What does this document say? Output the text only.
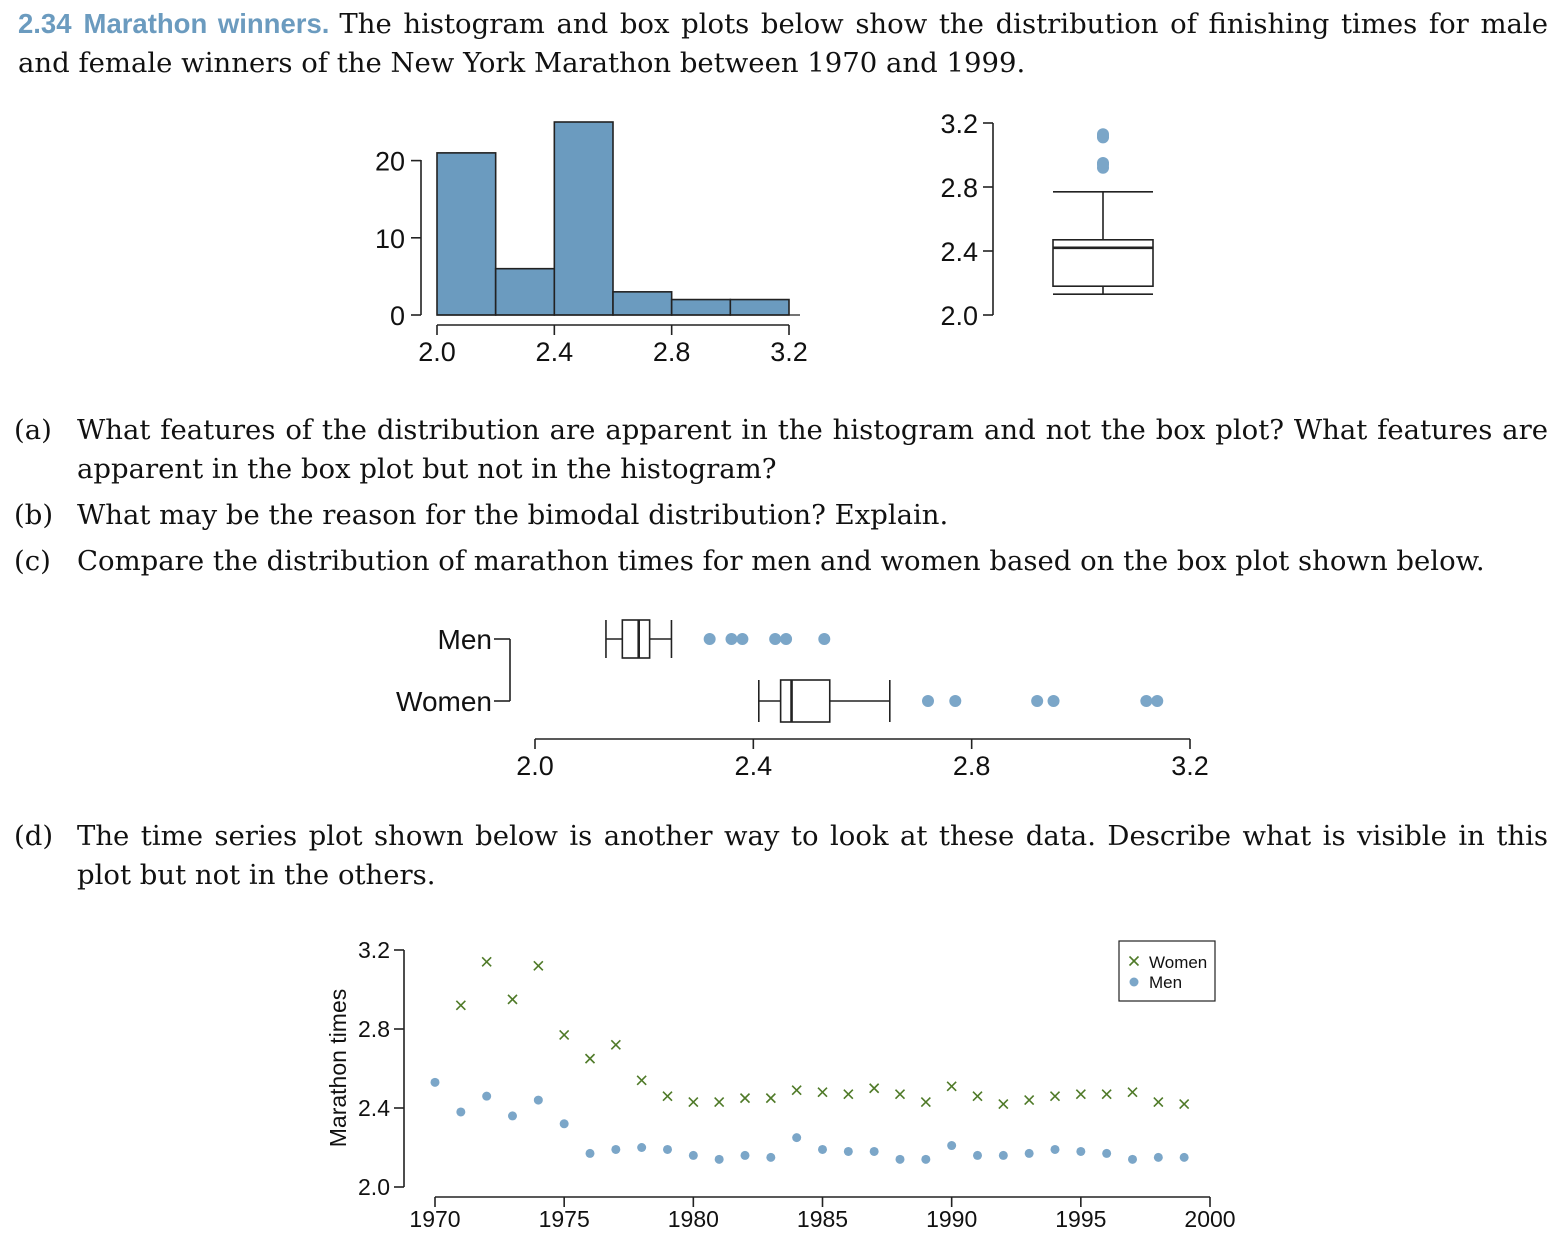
2.34 Marathon winners. The histogram and box plots below show the distribution of finishing times for male and female winners of the New York Marathon between 1970 and 1999.

(a) What features of the distribution are apparent in the histogram and not the box plot? What features are apparent in the box plot but not in the histogram?
(b) What may be the reason for the bimodal distribution? Explain.
(c) Compare the distribution of marathon times for men and women based on the box plot shown below.
(d) The time series plot shown below is another way to look at these data. Describe what is visible in this plot but not in the others.
0
10
20
2.0	2.4	2.8	3.2
2.0
2.4
2.8
3.2
Men
Women
2.0	2.4	2.8	3.2
2.0
2.4
2.8
3.2
Marathon times
1970	1975	1980	1985	1990	1995	2000
Women
Men
